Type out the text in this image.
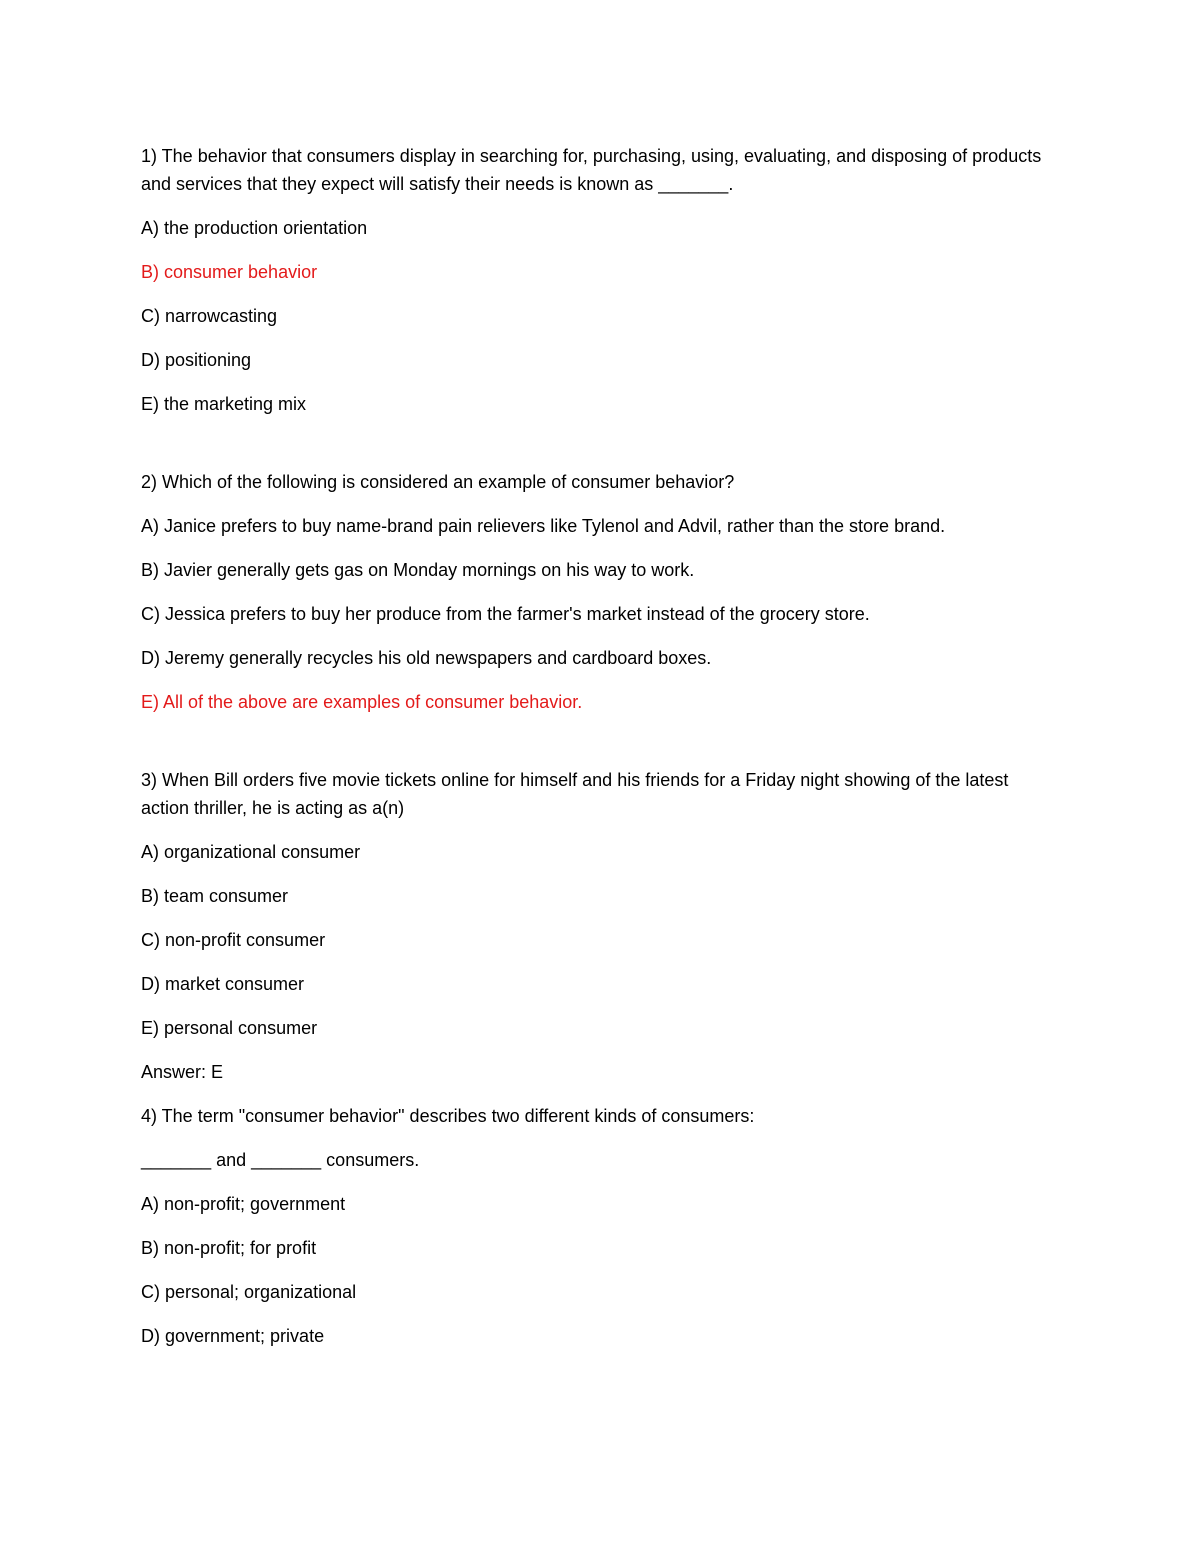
1) The behavior that consumers display in searching for, purchasing, using, evaluating, and disposing of products and services that they expect will satisfy their needs is known as _______.

A) the production orientation

B) consumer behavior

C) narrowcasting

D) positioning

E) the marketing mix

2) Which of the following is considered an example of consumer behavior?

A) Janice prefers to buy name-brand pain relievers like Tylenol and Advil, rather than the store brand.

B) Javier generally gets gas on Monday mornings on his way to work.

C) Jessica prefers to buy her produce from the farmer's market instead of the grocery store.

D) Jeremy generally recycles his old newspapers and cardboard boxes.

E) All of the above are examples of consumer behavior.

3) When Bill orders five movie tickets online for himself and his friends for a Friday night showing of the latest action thriller, he is acting as a(n)

A) organizational consumer

B) team consumer

C) non-profit consumer

D) market consumer

E) personal consumer

Answer: E

4) The term "consumer behavior" describes two different kinds of consumers:

_______ and _______ consumers.

A) non-profit; government

B) non-profit; for profit

C) personal; organizational

D) government; private
